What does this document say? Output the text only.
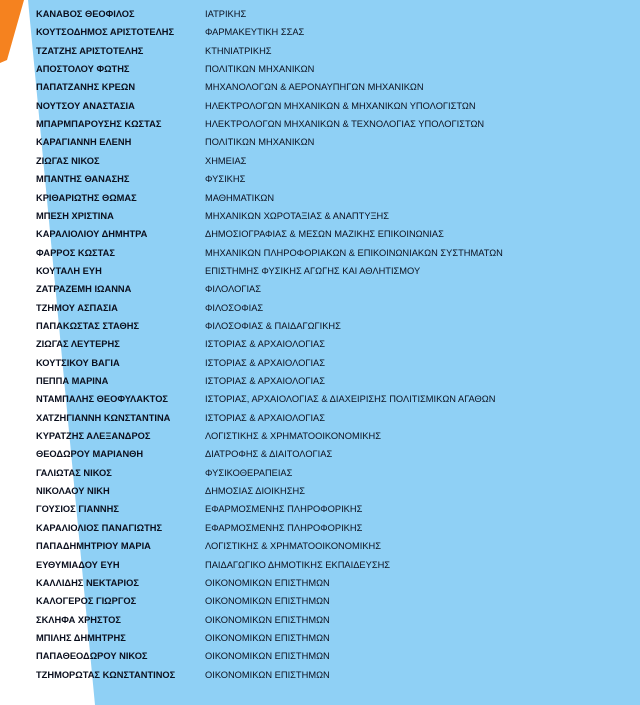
ΚΑΝΑΒΟΣ ΘΕΟΦΙΛΟΣ	ΙΑΤΡΙΚΗΣ
ΚΟΥΤΣΟΔΗΜΟΣ ΑΡΙΣΤΟΤΕΛΗΣ	ΦΑΡΜΑΚΕΥΤΙΚΗ ΣΣΑΣ
ΤΖΑΤΖΗΣ ΑΡΙΣΤΟΤΕΛΗΣ	ΚΤΗΝΙΑΤΡΙΚΗΣ
ΑΠΟΣΤΟΛΟΥ ΦΩΤΗΣ	ΠΟΛΙΤΙΚΩΝ ΜΗΧΑΝΙΚΩΝ
ΠΑΠΑΤΖΑΝΗΣ ΚΡΕΩΝ	ΜΗΧΑΝΟΛΟΓΩΝ & ΑΕΡΟΝΑΥΠΗΓΩΝ ΜΗΧΑΝΙΚΩΝ
ΝΟΥΤΣΟΥ ΑΝΑΣΤΑΣΙΑ	ΗΛΕΚΤΡΟΛΟΓΩΝ ΜΗΧΑΝΙΚΩΝ & ΜΗΧΑΝΙΚΩΝ ΥΠΟΛΟΓΙΣΤΩΝ
ΜΠΑΡΜΠΑΡΟΥΣΗΣ ΚΩΣΤΑΣ	ΗΛΕΚΤΡΟΛΟΓΩΝ ΜΗΧΑΝΙΚΩΝ & ΤΕΧΝΟΛΟΓΙΑΣ ΥΠΟΛΟΓΙΣΤΩΝ
ΚΑΡΑΓΙΑΝΝΗ ΕΛΕΝΗ	ΠΟΛΙΤΙΚΩΝ ΜΗΧΑΝΙΚΩΝ
ΖΙΩΓΑΣ ΝΙΚΟΣ	ΧΗΜΕΙΑΣ
ΜΠΑΝΤΗΣ ΘΑΝΑΣΗΣ	ΦΥΣΙΚΗΣ
ΚΡΙΘΑΡΙΩΤΗΣ ΘΩΜΑΣ	ΜΑΘΗΜΑΤΙΚΩΝ
ΜΠΕΣΗ ΧΡΙΣΤΙΝΑ	ΜΗΧΑΝΙΚΩΝ ΧΩΡΟΤΑΞΙΑΣ & ΑΝΑΠΤΥΞΗΣ
ΚΑΡΑΛΙΟΛΙΟΥ ΔΗΜΗΤΡΑ	ΔΗΜΟΣΙΟΓΡΑΦΙΑΣ & ΜΕΣΩΝ ΜΑΖΙΚΗΣ ΕΠΙΚΟΙΝΩΝΙΑΣ
ΦΑΡΡΟΣ ΚΩΣΤΑΣ	ΜΗΧΑΝΙΚΩΝ ΠΛΗΡΟΦΟΡΙΑΚΩΝ & ΕΠΙΚΟΙΝΩΝΙΑΚΩΝ ΣΥΣΤΗΜΑΤΩΝ
ΚΟΥΤΑΛΗ ΕΥΗ	ΕΠΙΣΤΗΜΗΣ ΦΥΣΙΚΗΣ ΑΓΩΓΗΣ ΚΑΙ ΑΘΛΗΤΙΣΜΟΥ
ΖΑΤΡΑΖΕΜΗ ΙΩΑΝΝΑ	ΦΙΛΟΛΟΓΙΑΣ
ΤΖΗΜΟΥ ΑΣΠΑΣΙΑ	ΦΙΛΟΣΟΦΙΑΣ
ΠΑΠΑΚΩΣΤΑΣ ΣΤΑΘΗΣ	ΦΙΛΟΣΟΦΙΑΣ & ΠΑΙΔΑΓΩΓΙΚΗΣ
ΖΙΩΓΑΣ ΛΕΥΤΕΡΗΣ	ΙΣΤΟΡΙΑΣ & ΑΡΧΑΙΟΛΟΓΙΑΣ
ΚΟΥΤΣΙΚΟΥ ΒΑΓΙΑ	ΙΣΤΟΡΙΑΣ & ΑΡΧΑΙΟΛΟΓΙΑΣ
ΠΕΠΠΑ ΜΑΡΙΝΑ	ΙΣΤΟΡΙΑΣ & ΑΡΧΑΙΟΛΟΓΙΑΣ
ΝΤΑΜΠΑΛΗΣ ΘΕΟΦΥΛΑΚΤΟΣ	ΙΣΤΟΡΙΑΣ, ΑΡΧΑΙΟΛΟΓΙΑΣ & ΔΙΑΧΕΙΡΙΣΗΣ ΠΟΛΙΤΙΣΜΙΚΩΝ ΑΓΑΘΩΝ
ΧΑΤΖΗΓΙΑΝΝΗ ΚΩΝΣΤΑΝΤΙΝΑ	ΙΣΤΟΡΙΑΣ & ΑΡΧΑΙΟΛΟΓΙΑΣ
ΚΥΡΑΤΖΗΣ ΑΛΕΞΑΝΔΡΟΣ	ΛΟΓΙΣΤΙΚΗΣ & ΧΡΗΜΑΤΟΟΙΚΟΝΟΜΙΚΗΣ
ΘΕΟΔΩΡΟΥ ΜΑΡΙΑΝΘΗ	ΔΙΑΤΡΟΦΗΣ & ΔΙΑΙΤΟΛΟΓΙΑΣ
ΓΑΛΙΩΤΑΣ ΝΙΚΟΣ	ΦΥΣΙΚΟΘΕΡΑΠΕΙΑΣ
ΝΙΚΟΛΑΟΥ ΝΙΚΗ	ΔΗΜΟΣΙΑΣ ΔΙΟΙΚΗΣΗΣ
ΓΟΥΣΙΟΣ ΓΙΑΝΝΗΣ	ΕΦΑΡΜΟΣΜΕΝΗΣ ΠΛΗΡΟΦΟΡΙΚΗΣ
ΚΑΡΑΛΙΟΛΙΟΣ ΠΑΝΑΓΙΩΤΗΣ	ΕΦΑΡΜΟΣΜΕΝΗΣ ΠΛΗΡΟΦΟΡΙΚΗΣ
ΠΑΠΑΔΗΜΗΤΡΙΟΥ ΜΑΡΙΑ	ΛΟΓΙΣΤΙΚΗΣ & ΧΡΗΜΑΤΟΟΙΚΟΝΟΜΙΚΗΣ
ΕΥΘΥΜΙΑΔΟΥ ΕΥΗ	ΠΑΙΔΑΓΩΓΙΚΟ ΔΗΜΟΤΙΚΗΣ ΕΚΠΑΙΔΕΥΣΗΣ
ΚΑΛΛΙΔΗΣ ΝΕΚΤΑΡΙΟΣ	ΟΙΚΟΝΟΜΙΚΩΝ ΕΠΙΣΤΗΜΩΝ
ΚΑΛΟΓΕΡΟΣ ΓΙΩΡΓΟΣ	ΟΙΚΟΝΟΜΙΚΩΝ ΕΠΙΣΤΗΜΩΝ
ΣΚΛΗΦΑ ΧΡΗΣΤΟΣ	ΟΙΚΟΝΟΜΙΚΩΝ ΕΠΙΣΤΗΜΩΝ
ΜΠΙΛΗΣ ΔΗΜΗΤΡΗΣ	ΟΙΚΟΝΟΜΙΚΩΝ ΕΠΙΣΤΗΜΩΝ
ΠΑΠΑΘΕΟΔΩΡΟΥ ΝΙΚΟΣ	ΟΙΚΟΝΟΜΙΚΩΝ ΕΠΙΣΤΗΜΩΝ
ΤΖΗΜΟΡΩΤΑΣ ΚΩΝΣΤΑΝΤΙΝΟΣ	ΟΙΚΟΝΟΜΙΚΩΝ ΕΠΙΣΤΗΜΩΝ
